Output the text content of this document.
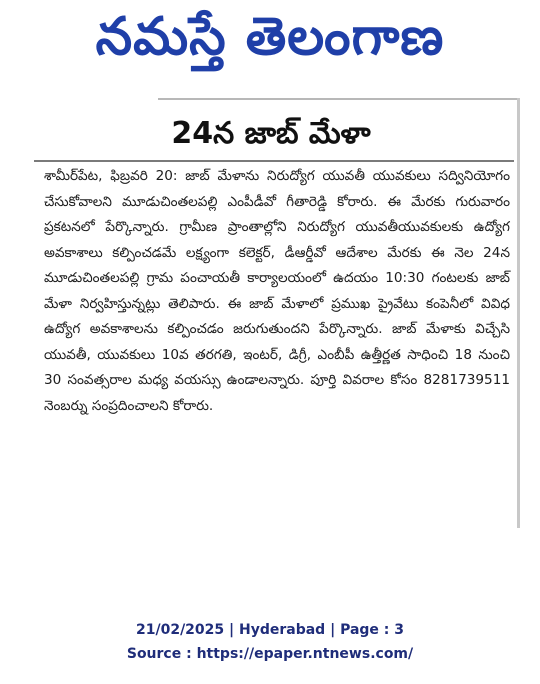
నమస్తే తెలంగాణ
24న జాబ్ మేళా

శామీర్‌పేట, ఫిబ్రవరి 20: జాబ్ మేళాను నిరుద్యోగ యువతీ యువకులు సద్వినియోగం చేసుకోవాలని మూడుచింతలపల్లి ఎంపీడీవో గీతారెడ్డి కోరారు. ఈ మేరకు గురువారం ప్రకటనలో పేర్కొన్నారు. గ్రామీణ ప్రాంతాల్లోని నిరుద్యోగ యువతీయువకులకు ఉద్యోగ అవకాశాలు కల్పించడమే లక్ష్యంగా కలెక్టర్, డీఆర్డీవో ఆదేశాల మేరకు ఈ నెల 24న మూడుచింతలపల్లి గ్రామ పంచాయతీ కార్యాలయంలో ఉదయం 10:30 గంటలకు జాబ్ మేళా నిర్వహిస్తున్నట్లు తెలిపారు. ఈ జాబ్ మేళాలో ప్రముఖ ప్రైవేటు కంపెనీలో వివిధ ఉద్యోగ అవకాశాలను కల్పించడం జరుగుతుందని పేర్కొన్నారు. జాబ్ మేళాకు విచ్చేసి యువతీ, యువకులు 10వ తరగతి, ఇంటర్, డిగ్రీ, ఎంబీపీ ఉత్తీర్ణత సాధించి 18 నుంచి 30 సంవత్సరాల మధ్య వయస్సు ఉండాలన్నారు. పూర్తి వివరాల కోసం 8281739511 నెంబర్ను సంప్రదించాలని కోరారు.

21/02/2025 | Hyderabad | Page : 3
Source : https://epaper.ntnews.com/
